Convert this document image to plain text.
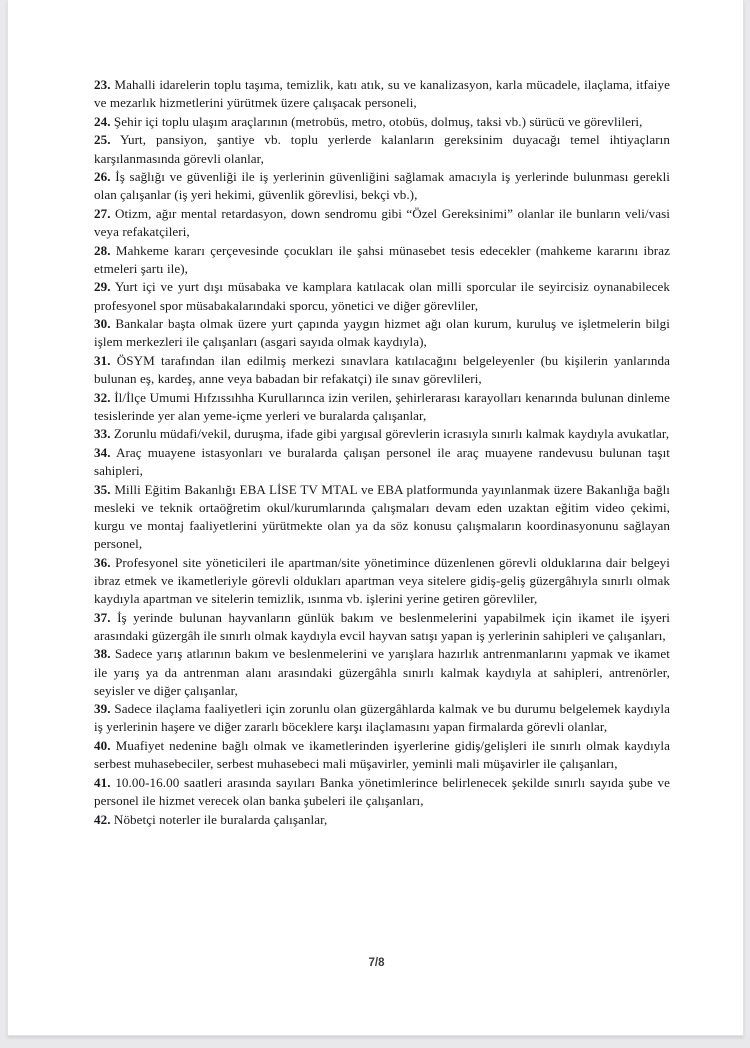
23. Mahalli idarelerin toplu taşıma, temizlik, katı atık, su ve kanalizasyon, karla mücadele, ilaçlama, itfaiye ve mezarlık hizmetlerini yürütmek üzere çalışacak personeli,

24. Şehir içi toplu ulaşım araçlarının (metrobüs, metro, otobüs, dolmuş, taksi vb.) sürücü ve görevlileri,

25. Yurt, pansiyon, şantiye vb. toplu yerlerde kalanların gereksinim duyacağı temel ihtiyaçların karşılanmasında görevli olanlar,

26. İş sağlığı ve güvenliği ile iş yerlerinin güvenliğini sağlamak amacıyla iş yerlerinde bulunması gerekli olan çalışanlar (iş yeri hekimi, güvenlik görevlisi, bekçi vb.),

27. Otizm, ağır mental retardasyon, down sendromu gibi “Özel Gereksinimi” olanlar ile bunların veli/vasi veya refakatçileri,

28. Mahkeme kararı çerçevesinde çocukları ile şahsi münasebet tesis edecekler (mahkeme kararını ibraz etmeleri şartı ile),

29. Yurt içi ve yurt dışı müsabaka ve kamplara katılacak olan milli sporcular ile seyircisiz oynanabilecek profesyonel spor müsabakalarındaki sporcu, yönetici ve diğer görevliler,

30. Bankalar başta olmak üzere yurt çapında yaygın hizmet ağı olan kurum, kuruluş ve işletmelerin bilgi işlem merkezleri ile çalışanları (asgari sayıda olmak kaydıyla),

31. ÖSYM tarafından ilan edilmiş merkezi sınavlara katılacağını belgeleyenler (bu kişilerin yanlarında bulunan eş, kardeş, anne veya babadan bir refakatçi) ile sınav görevlileri,

32. İl/İlçe Umumi Hıfzıssıhha Kurullarınca izin verilen, şehirlerarası karayolları kenarında bulunan dinleme tesislerinde yer alan yeme-içme yerleri ve buralarda çalışanlar,

33. Zorunlu müdafi/vekil, duruşma, ifade gibi yargısal görevlerin icrasıyla sınırlı kalmak kaydıyla avukatlar,

34. Araç muayene istasyonları ve buralarda çalışan personel ile araç muayene randevusu bulunan taşıt sahipleri,

35. Milli Eğitim Bakanlığı EBA LİSE TV MTAL ve EBA platformunda yayınlanmak üzere Bakanlığa bağlı mesleki ve teknik ortaöğretim okul/kurumlarında çalışmaları devam eden uzaktan eğitim video çekimi, kurgu ve montaj faaliyetlerini yürütmekte olan ya da söz konusu çalışmaların koordinasyonunu sağlayan personel,

36. Profesyonel site yöneticileri ile apartman/site yönetimince düzenlenen görevli olduklarına dair belgeyi ibraz etmek ve ikametleriyle görevli oldukları apartman veya sitelere gidiş-geliş güzergâhıyla sınırlı olmak kaydıyla apartman ve sitelerin temizlik, ısınma vb. işlerini yerine getiren görevliler,

37. İş yerinde bulunan hayvanların günlük bakım ve beslenmelerini yapabilmek için ikamet ile işyeri arasındaki güzergâh ile sınırlı olmak kaydıyla evcil hayvan satışı yapan iş yerlerinin sahipleri ve çalışanları,

38. Sadece yarış atlarının bakım ve beslenmelerini ve yarışlara hazırlık antrenmanlarını yapmak ve ikamet ile yarış ya da antrenman alanı arasındaki güzergâhla sınırlı kalmak kaydıyla at sahipleri, antrenörler, seyisler ve diğer çalışanlar,

39. Sadece ilaçlama faaliyetleri için zorunlu olan güzergâhlarda kalmak ve bu durumu belgelemek kaydıyla iş yerlerinin haşere ve diğer zararlı böceklere karşı ilaçlamasını yapan firmalarda görevli olanlar,

40. Muafiyet nedenine bağlı olmak ve ikametlerinden işyerlerine gidiş/gelişleri ile sınırlı olmak kaydıyla serbest muhasebeciler, serbest muhasebeci mali müşavirler, yeminli mali müşavirler ile çalışanları,

41. 10.00-16.00 saatleri arasında sayıları Banka yönetimlerince belirlenecek şekilde sınırlı sayıda şube ve personel ile hizmet verecek olan banka şubeleri ile çalışanları,

42. Nöbetçi noterler ile buralarda çalışanlar,

7/8
